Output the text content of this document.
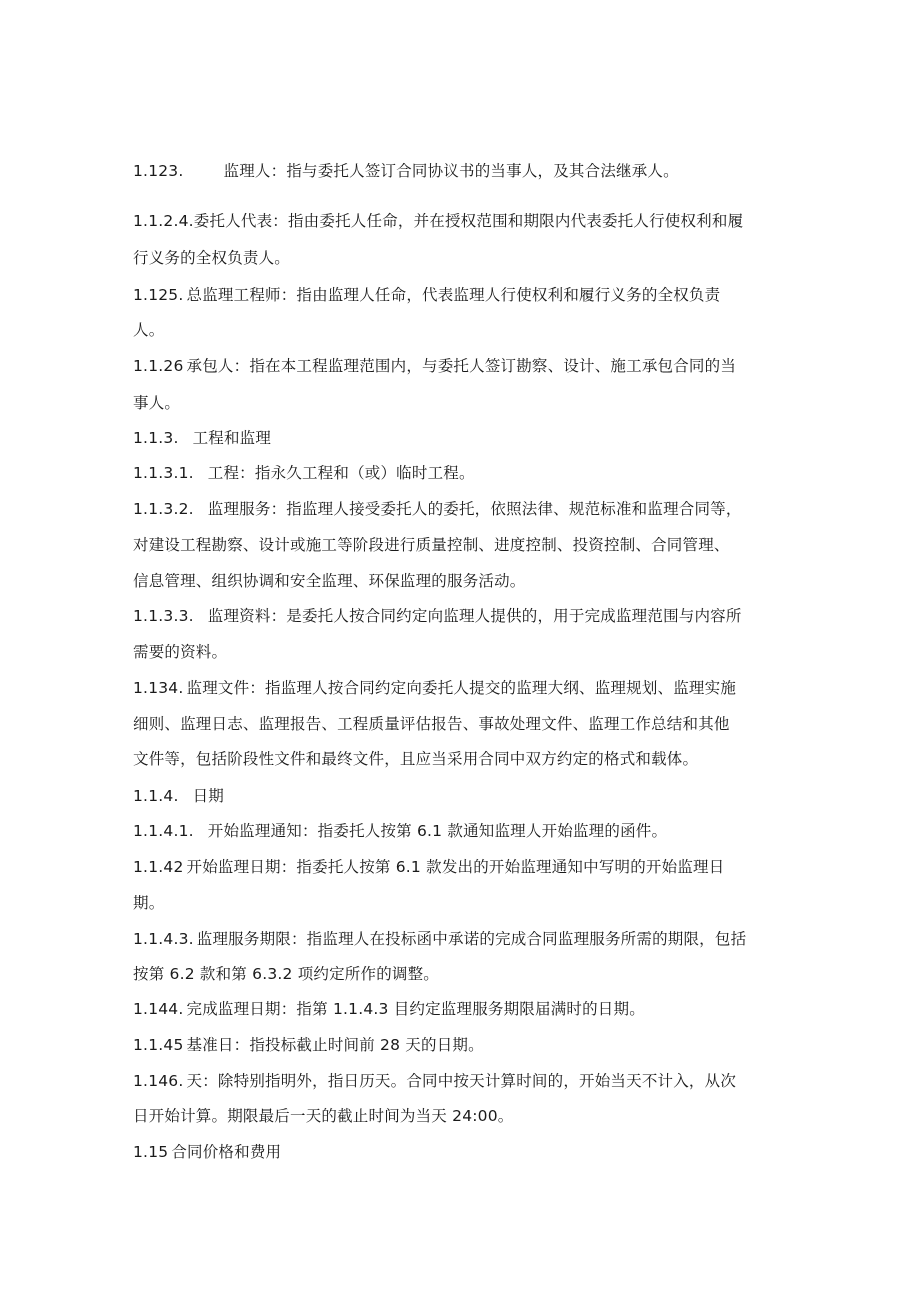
1.123.	监理人：指与委托人签订合同协议书的当事人，及其合法继承人。
1.1.2.4.委托人代表：指由委托人任命，并在授权范围和期限内代表委托人行使权利和履
行义务的全权负责人。
1.125. 总监理工程师：指由监理人任命，代表监理人行使权利和履行义务的全权负责
人。
1.1.26 承包人：指在本工程监理范围内，与委托人签订勘察、设计、施工承包合同的当
事人。
1.1.3. 工程和监理
1.1.3.1. 工程：指永久工程和（或）临时工程。
1.1.3.2. 监理服务：指监理人接受委托人的委托，依照法律、规范标准和监理合同等，
对建设工程勘察、设计或施工等阶段进行质量控制、进度控制、投资控制、合同管理、
信息管理、组织协调和安全监理、环保监理的服务活动。
1.1.3.3. 监理资料：是委托人按合同约定向监理人提供的，用于完成监理范围与内容所
需要的资料。
1.134. 监理文件：指监理人按合同约定向委托人提交的监理大纲、监理规划、监理实施
细则、监理日志、监理报告、工程质量评估报告、事故处理文件、监理工作总结和其他
文件等，包括阶段性文件和最终文件，且应当采用合同中双方约定的格式和载体。
1.1.4. 日期
1.1.4.1. 开始监理通知：指委托人按第 6.1 款通知监理人开始监理的函件。
1.1.42 开始监理日期：指委托人按第 6.1 款发出的开始监理通知中写明的开始监理日
期。
1.1.4.3. 监理服务期限：指监理人在投标函中承诺的完成合同监理服务所需的期限，包括
按第 6.2 款和第 6.3.2 项约定所作的调整。
1.144. 完成监理日期：指第 1.1.4.3 目约定监理服务期限届满时的日期。
1.1.45 基准日：指投标截止时间前 28 天的日期。
1.146. 天：除特别指明外，指日历天。合同中按天计算时间的，开始当天不计入，从次
日开始计算。期限最后一天的截止时间为当天 24:00。
1.15 合同价格和费用
